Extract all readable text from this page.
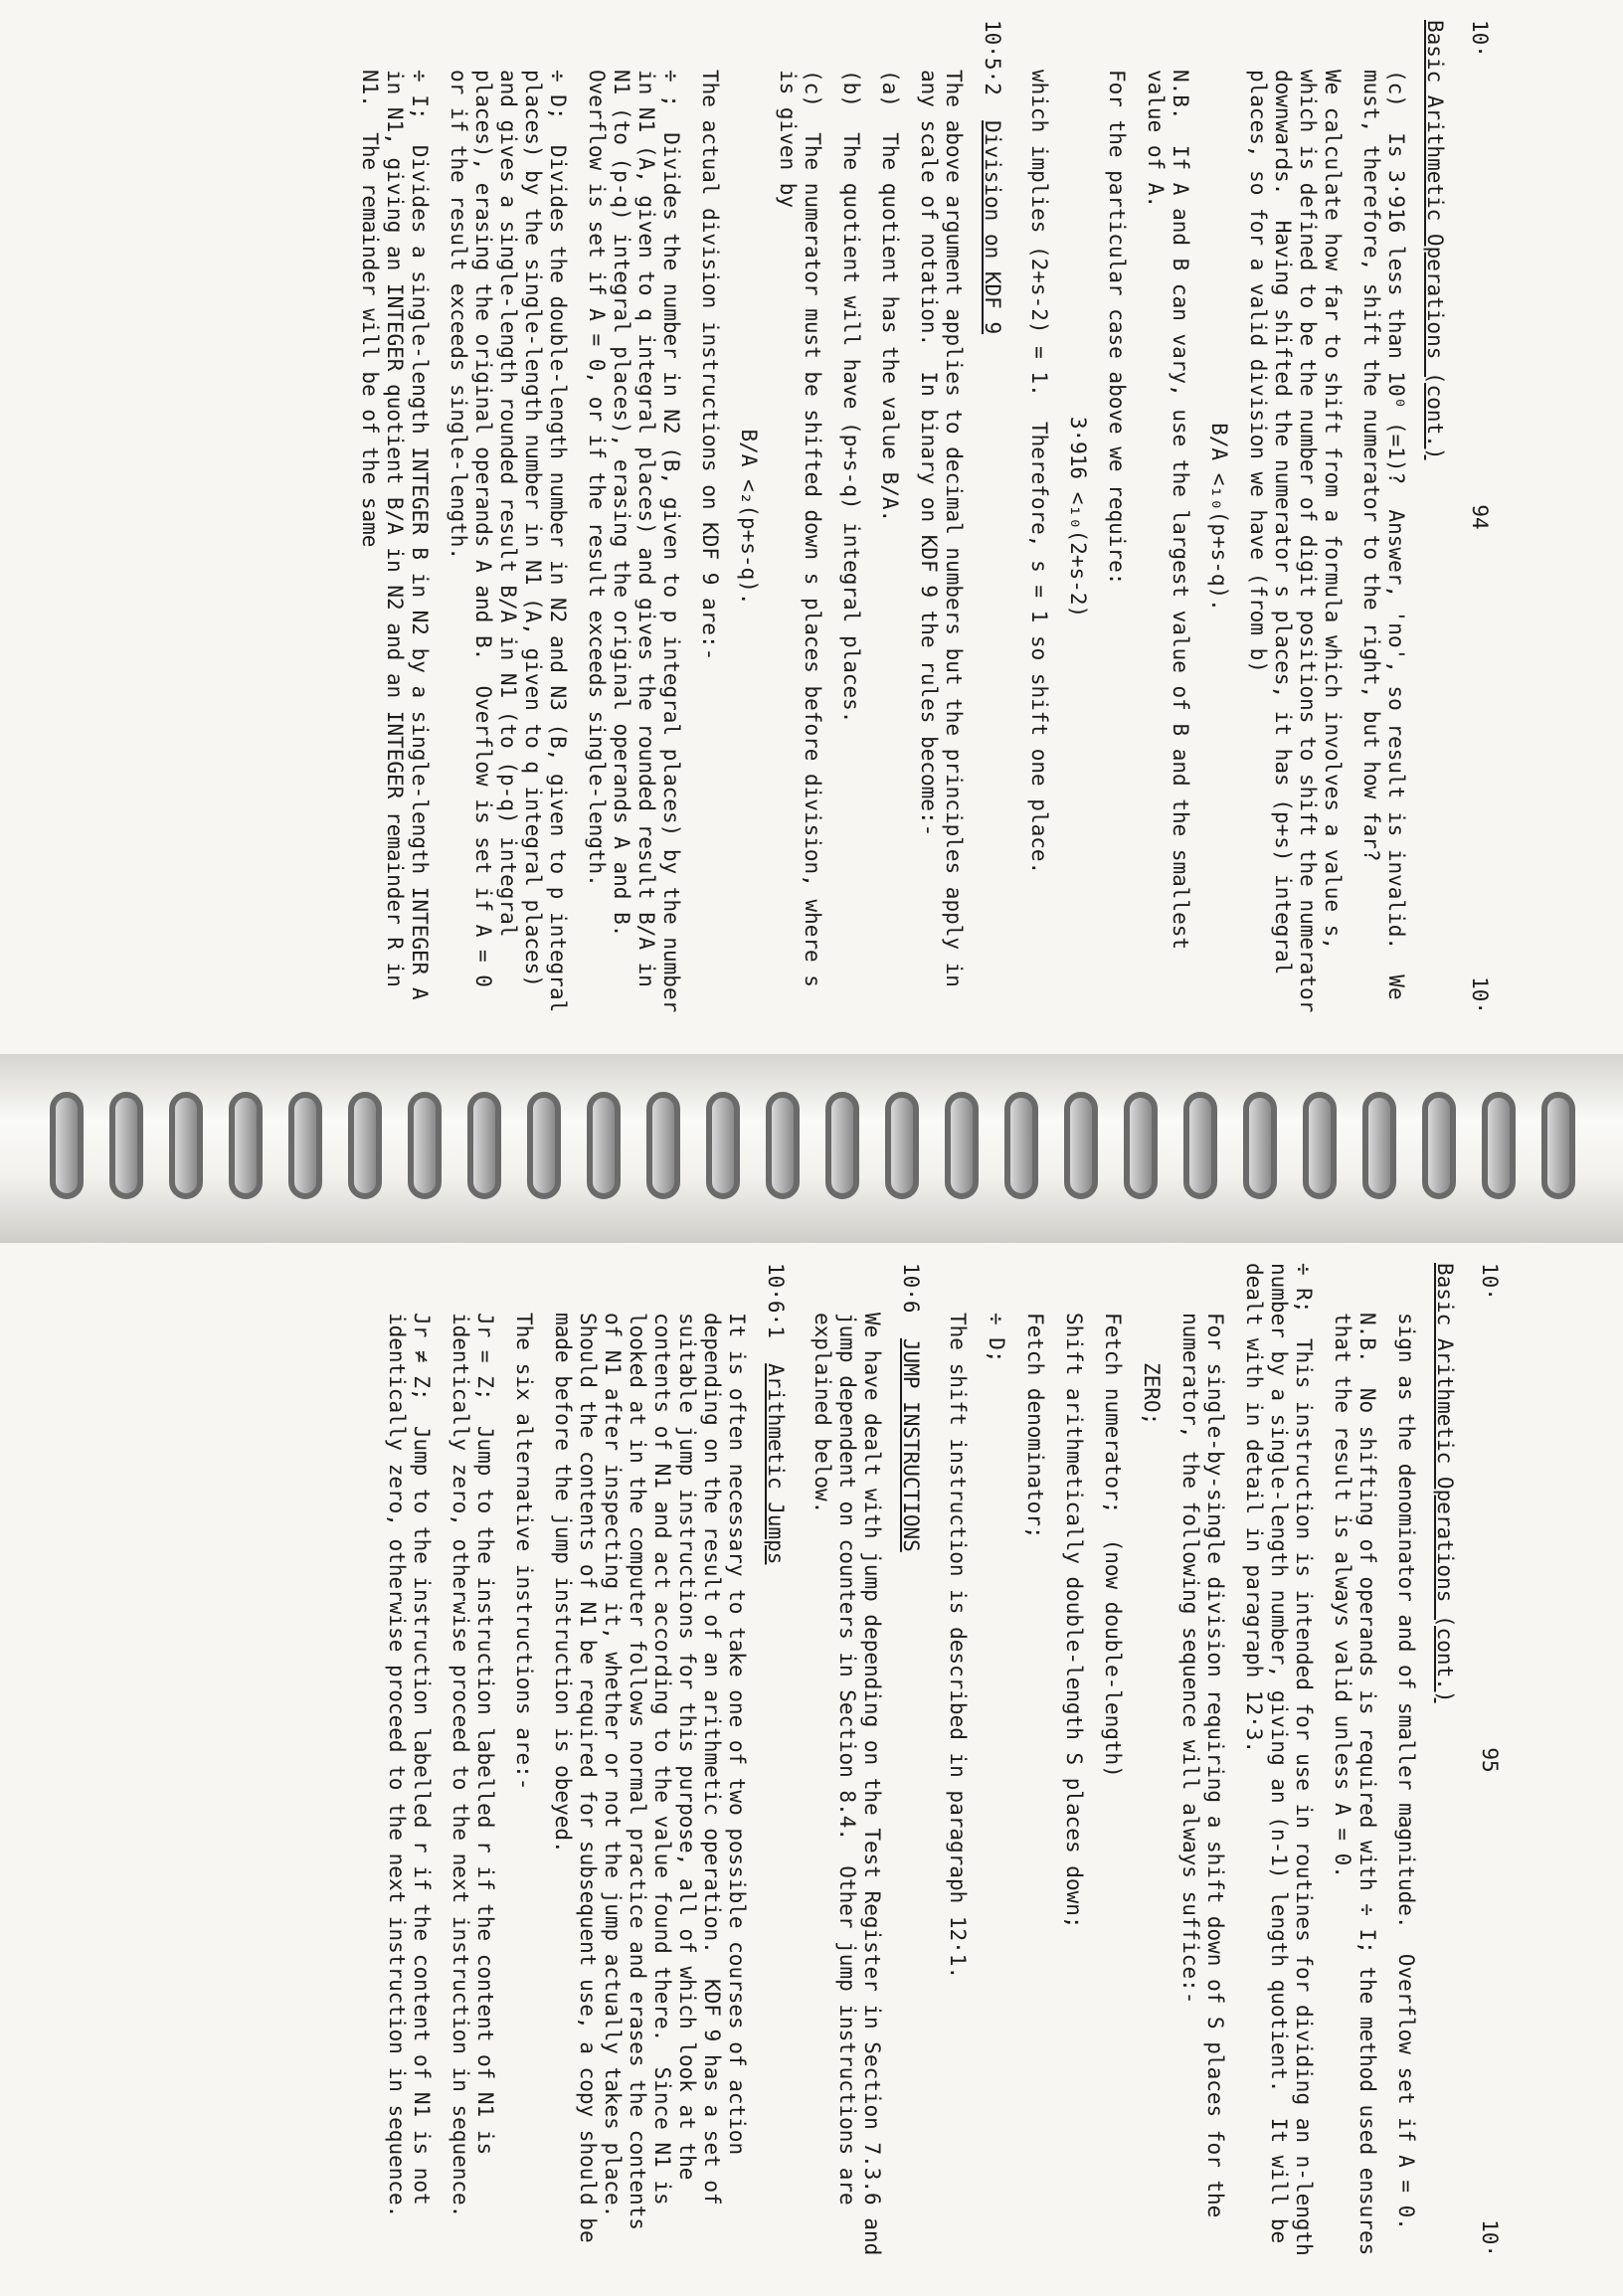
10·
94
10·

Basic Arithmetic Operations (cont.)

(c)  Is 3·916 less than 10⁰ (=1)?  Answer, 'no', so result is invalid.  We must, therefore, shift the numerator to the right, but how far?

We calculate how far to shift from a formula which involves a value s, which is defined to be the number of digit positions to shift the numerator downwards.  Having shifted the numerator s places, it has (p+s) integral places, so for a valid division we have (from b)

B/A <₁₀(p+s-q).

N.B.  If A and B can vary, use the largest value of B and the smallest value of A.

For the particular case above we require:

3·916 <₁₀(2+s-2)

which implies (2+s-2) = 1.  Therefore, s = 1 so shift one place.

10·5·2  Division on KDF 9

The above argument applies to decimal numbers but the principles apply in any scale of notation.  In binary on KDF 9 the rules become:-

(a)  The quotient has the value B/A.

(b)  The quotient will have (p+s-q) integral places.

(c)  The numerator must be shifted down s places before division, where s is given by

B/A <₂(p+s-q).

The actual division instructions on KDF 9 are:-

÷ ;  Divides the number in N2 (B, given to p integral places) by the number in N1 (A, given to q integral places) and gives the rounded result B/A in N1 (to (p-q) integral places), erasing the original operands A and B.  Overflow is set if A = 0, or if the result exceeds single-length.

÷ D;  Divides the double-length number in N2 and N3 (B, given to p integral places) by the single-length number in N1 (A, given to q integral places) and gives a single-length rounded result B/A in N1 (to (p-q) integral places), erasing the original operands A and B.  Overflow is set if A = 0 or if the result exceeds single-length.

÷ I;  Divides a single-length INTEGER B in N2 by a single-length INTEGER A in N1, giving an INTEGER quotient B/A in N2 and an INTEGER remainder R in N1.  The remainder will be of the same

10·
95
10·

Basic Arithmetic Operations (cont.)

sign as the denominator and of smaller magnitude.  Overflow set if A = 0.

N.B.  No shifting of operands is required with ÷ I; the method used ensures that the result is always valid unless A = 0.

÷ R;  This instruction is intended for use in routines for dividing an n-length number by a single-length number, giving an (n-1) length quotient.  It will be dealt with in detail in paragraph 12·3.

For single-by-single division requiring a shift down of S places for the numerator, the following sequence will always suffice:-

ZERO;

Fetch numerator;  (now double-length)

Shift arithmetically double-length S places down;

Fetch denominator;

÷ D;

The shift instruction is described in paragraph 12·1.

10·6  JUMP INSTRUCTIONS

We have dealt with jump depending on the Test Register in Section 7.3.6 and jump dependent on counters in Section 8.4.  Other jump instructions are explained below.

10·6·1  Arithmetic Jumps

It is often necessary to take one of two possible courses of action depending on the result of an arithmetic operation.  KDF 9 has a set of suitable jump instructions for this purpose, all of which look at the contents of N1 and act according to the value found there.  Since N1 is looked at in the computer follows normal practice and erases the contents of N1 after inspecting it, whether or not the jump actually takes place.  Should the contents of N1 be required for subsequent use, a copy should be made before the jump instruction is obeyed.

The six alternative instructions are:-

Jr = Z;  Jump to the instruction labelled r if the content of N1 is identically zero, otherwise proceed to the next instruction in sequence.

Jr ≠ Z;  Jump to the instruction labelled r if the content of N1 is not identically zero, otherwise proceed to the next instruction in sequence.
